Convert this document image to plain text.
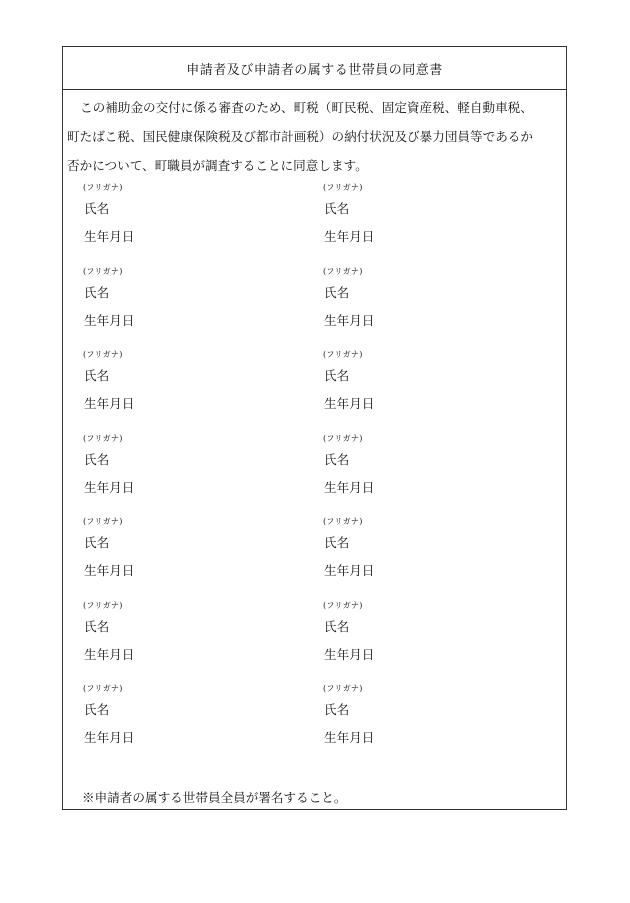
申請者及び申請者の属する世帯員の同意書

この補助金の交付に係る審査のため、町税（町民税、固定資産税、軽自動車税、
町たばこ税、国民健康保険税及び都市計画税）の納付状況及び暴力団員等であるか
否かについて、町職員が調査することに同意します。

(フリガナ)
氏名
生年月日
(フリガナ)
氏名
生年月日
(フリガナ)
氏名
生年月日
(フリガナ)
氏名
生年月日
(フリガナ)
氏名
生年月日
(フリガナ)
氏名
生年月日
(フリガナ)
氏名
生年月日
(フリガナ)
氏名
生年月日
(フリガナ)
氏名
生年月日
(フリガナ)
氏名
生年月日
(フリガナ)
氏名
生年月日
(フリガナ)
氏名
生年月日
(フリガナ)
氏名
生年月日
(フリガナ)
氏名
生年月日
※申請者の属する世帯員全員が署名すること。
